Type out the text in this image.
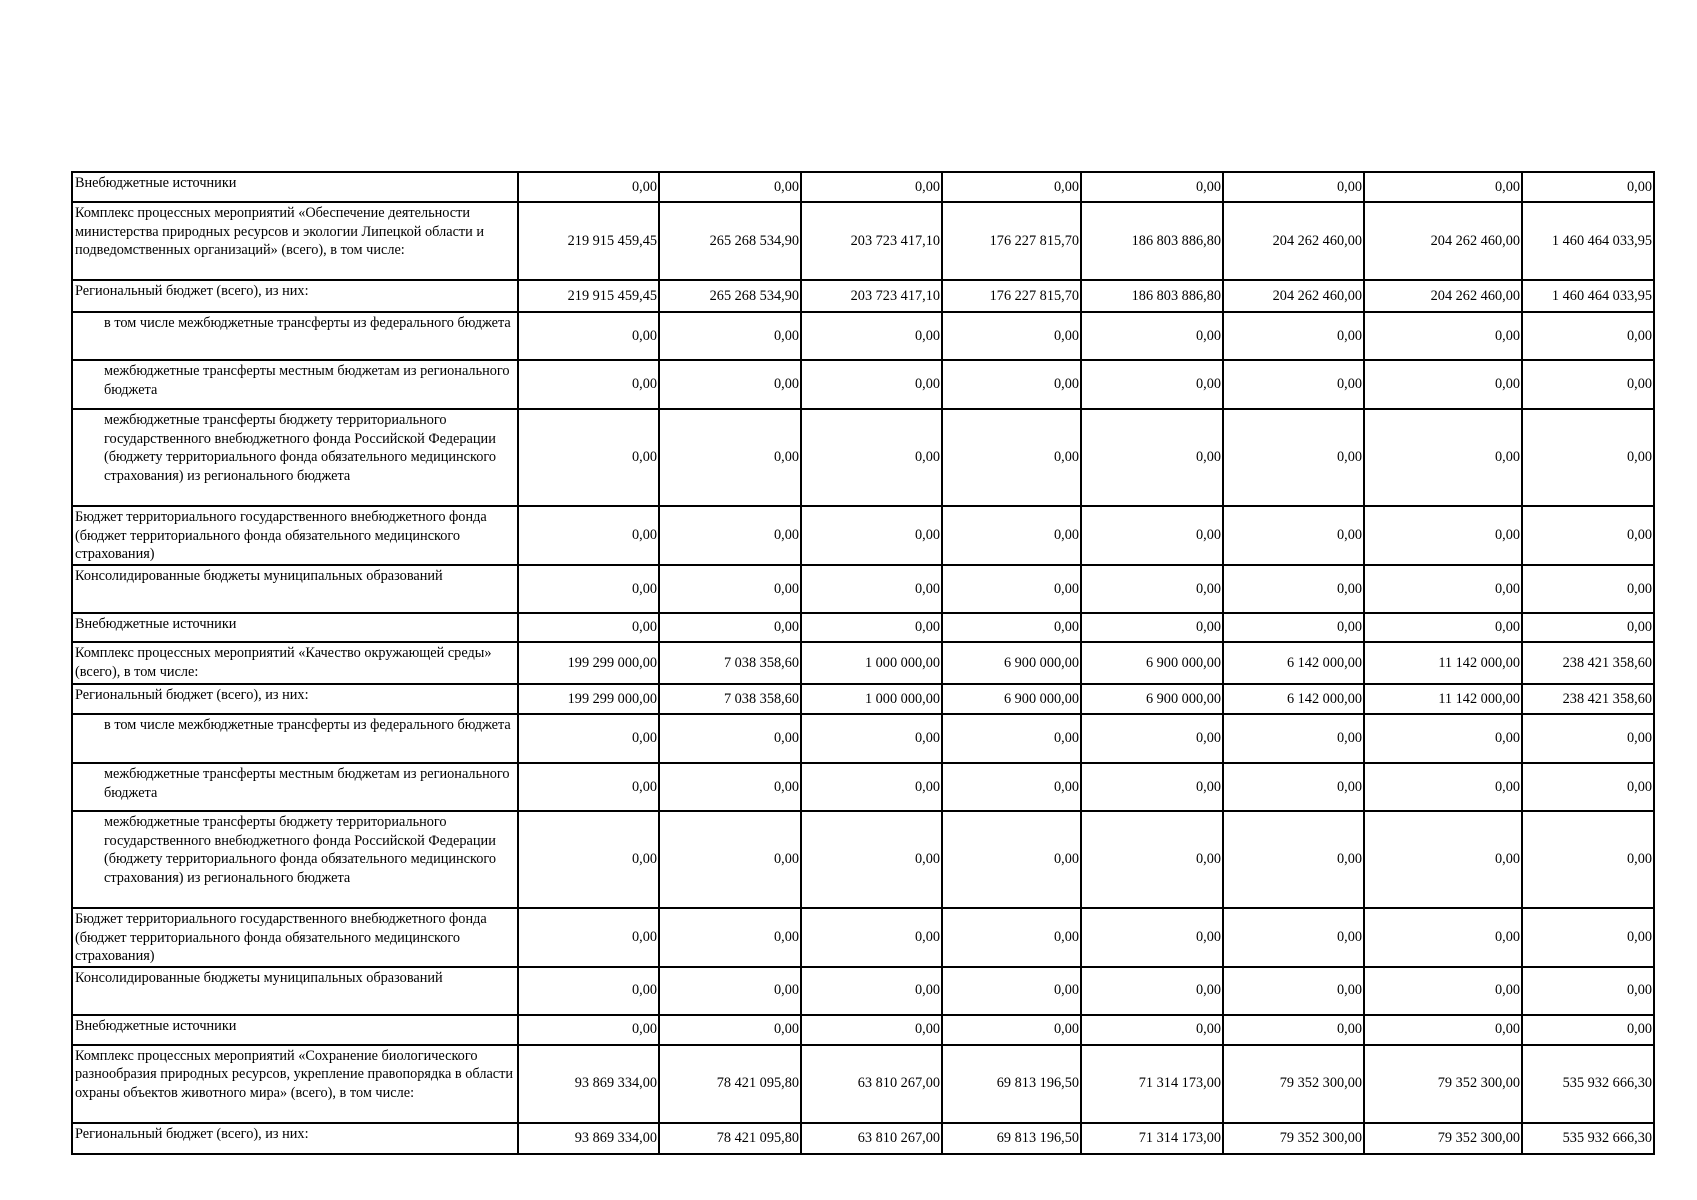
Внебюджетные источники	0,00	0,00	0,00	0,00	0,00	0,00	0,00	0,00
Комплекс процессных мероприятий «Обеспечение деятельности министерства природных ресурсов и экологии Липецкой области и подведомственных организаций» (всего), в том числе:	219 915 459,45	265 268 534,90	203 723 417,10	176 227 815,70	186 803 886,80	204 262 460,00	204 262 460,00	1 460 464 033,95
Региональный бюджет (всего), из них:	219 915 459,45	265 268 534,90	203 723 417,10	176 227 815,70	186 803 886,80	204 262 460,00	204 262 460,00	1 460 464 033,95
в том числе межбюджетные трансферты из федерального бюджета	0,00	0,00	0,00	0,00	0,00	0,00	0,00	0,00
межбюджетные трансферты местным бюджетам из регионального бюджета	0,00	0,00	0,00	0,00	0,00	0,00	0,00	0,00
межбюджетные трансферты бюджету территориального государственного внебюджетного фонда Российской Федерации (бюджету территориального фонда обязательного медицинского страхования) из регионального бюджета	0,00	0,00	0,00	0,00	0,00	0,00	0,00	0,00
Бюджет территориального государственного внебюджетного фонда (бюджет территориального фонда обязательного медицинского страхования)	0,00	0,00	0,00	0,00	0,00	0,00	0,00	0,00
Консолидированные бюджеты муниципальных образований	0,00	0,00	0,00	0,00	0,00	0,00	0,00	0,00
Внебюджетные источники	0,00	0,00	0,00	0,00	0,00	0,00	0,00	0,00
Комплекс процессных мероприятий «Качество окружающей среды» (всего), в том числе:	199 299 000,00	7 038 358,60	1 000 000,00	6 900 000,00	6 900 000,00	6 142 000,00	11 142 000,00	238 421 358,60
Региональный бюджет (всего), из них:	199 299 000,00	7 038 358,60	1 000 000,00	6 900 000,00	6 900 000,00	6 142 000,00	11 142 000,00	238 421 358,60
в том числе межбюджетные трансферты из федерального бюджета	0,00	0,00	0,00	0,00	0,00	0,00	0,00	0,00
межбюджетные трансферты местным бюджетам из регионального бюджета	0,00	0,00	0,00	0,00	0,00	0,00	0,00	0,00
межбюджетные трансферты бюджету территориального государственного внебюджетного фонда Российской Федерации (бюджету территориального фонда обязательного медицинского страхования) из регионального бюджета	0,00	0,00	0,00	0,00	0,00	0,00	0,00	0,00
Бюджет территориального государственного внебюджетного фонда (бюджет территориального фонда обязательного медицинского страхования)	0,00	0,00	0,00	0,00	0,00	0,00	0,00	0,00
Консолидированные бюджеты муниципальных образований	0,00	0,00	0,00	0,00	0,00	0,00	0,00	0,00
Внебюджетные источники	0,00	0,00	0,00	0,00	0,00	0,00	0,00	0,00
Комплекс процессных мероприятий «Сохранение биологического разнообразия природных ресурсов, укрепление правопорядка в области охраны объектов животного мира» (всего), в том числе:	93 869 334,00	78 421 095,80	63 810 267,00	69 813 196,50	71 314 173,00	79 352 300,00	79 352 300,00	535 932 666,30
Региональный бюджет (всего), из них:	93 869 334,00	78 421 095,80	63 810 267,00	69 813 196,50	71 314 173,00	79 352 300,00	79 352 300,00	535 932 666,30
